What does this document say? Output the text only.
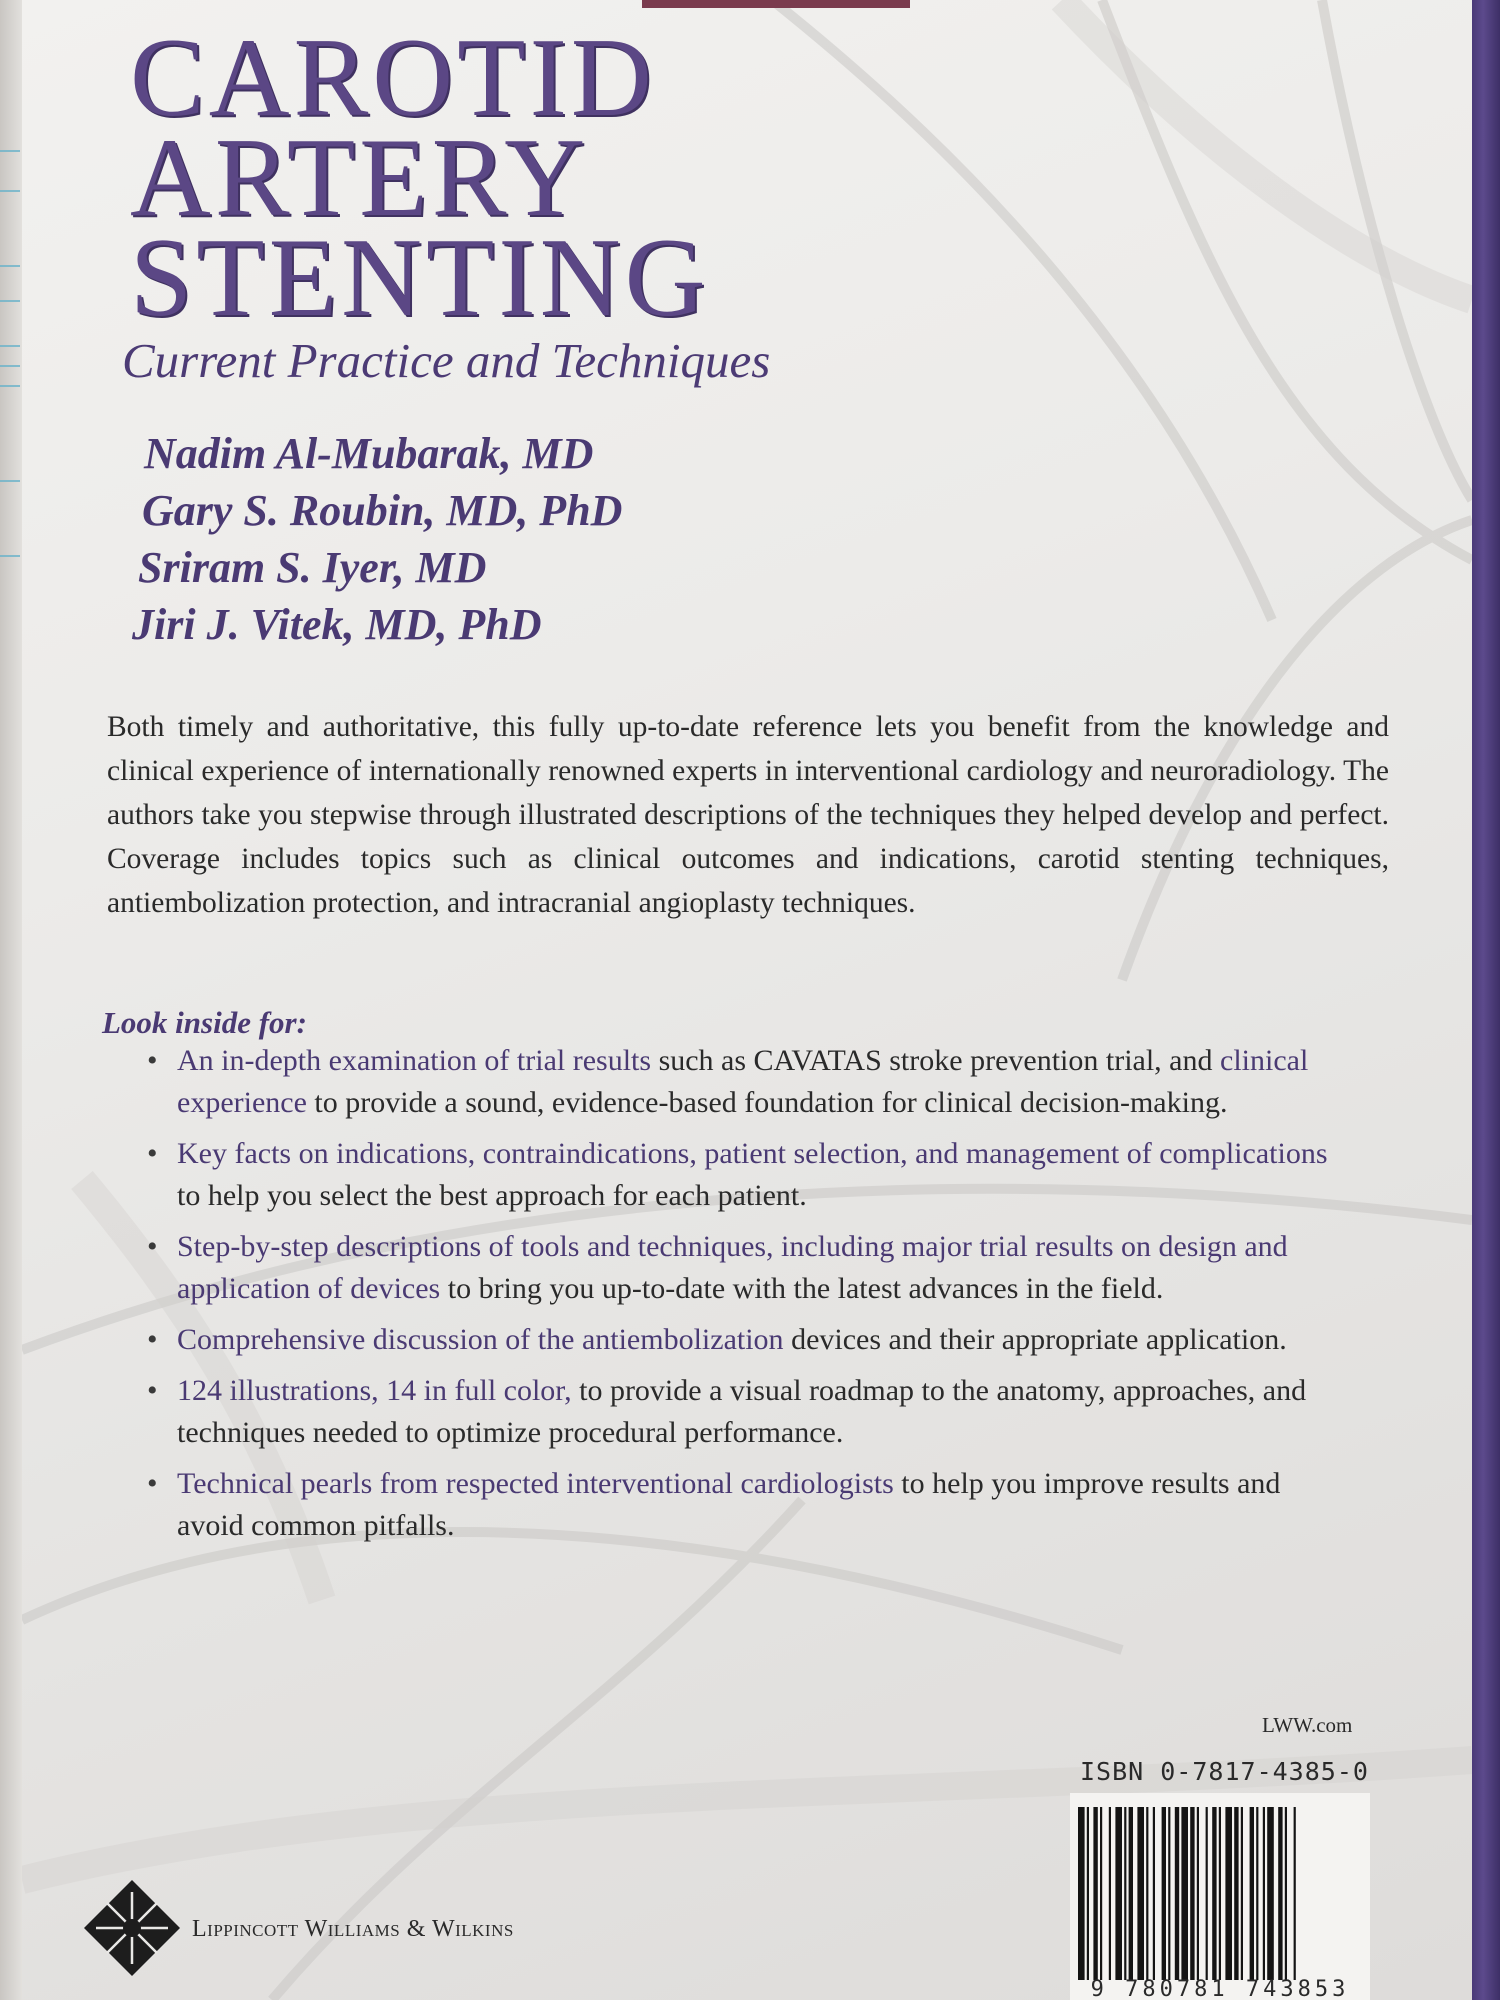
CAROTID
ARTERY
STENTING
Current Practice and Techniques
Nadim Al-Mubarak, MD
Gary S. Roubin, MD, PhD
Sriram S. Iyer, MD
Jiri J. Vitek, MD, PhD

Both timely and authoritative, this fully up-to-date reference lets you benefit from the knowledge and clinical experience of internationally renowned experts in interventional cardiology and neuroradiology. The authors take you stepwise through illustrated descriptions of the techniques they helped develop and perfect. Coverage includes topics such as clinical outcomes and indications, carotid stenting techniques, antiembolization protection, and intracranial angioplasty techniques.

Look inside for:
• An in-depth examination of trial results such as CAVATAS stroke prevention trial, and clinical experience to provide a sound, evidence-based foundation for clinical decision-making.
• Key facts on indications, contraindications, patient selection, and management of complications to help you select the best approach for each patient.
• Step-by-step descriptions of tools and techniques, including major trial results on design and application of devices to bring you up-to-date with the latest advances in the field.
• Comprehensive discussion of the antiembolization devices and their appropriate application.
• 124 illustrations, 14 in full color, to provide a visual roadmap to the anatomy, approaches, and techniques needed to optimize procedural performance.
• Technical pearls from respected interventional cardiologists to help you improve results and avoid common pitfalls.
LWW.com
ISBN 0-7817-4385-0
9 780781 743853
Lippincott Williams & Wilkins
